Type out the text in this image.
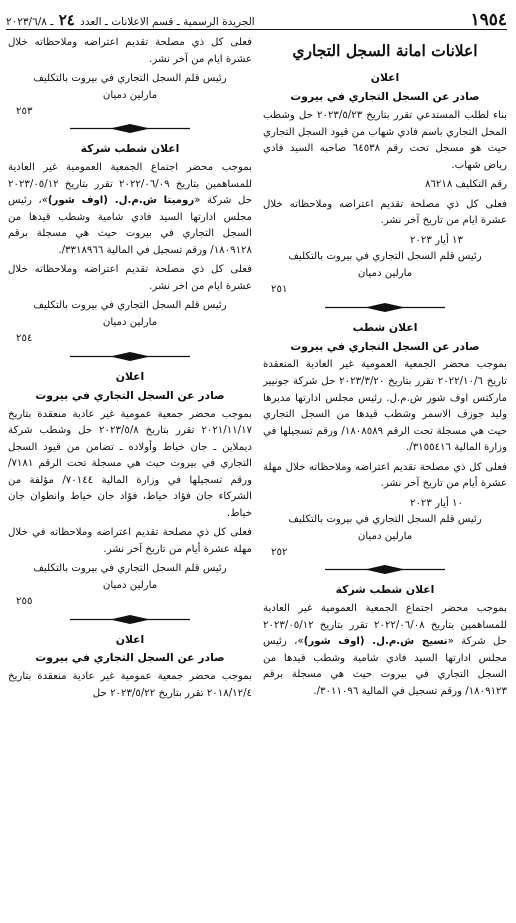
١٩٥٤
الجريدة الرسمية ـ قسم الاعلانات ـ العدد ٢٤ ـ ٢٠٢٣/٦/٨
اعلانات امانة السجل التجاري
اعلان
صادر عن السجل التجاري في بيروت
بناء لطلب المستدعي تقرر بتاريخ ٢٠٢٣/٥/٢٣ حل وشطب المحل التجاري باسم فادي شهاب من قيود السجل التجاري حيث هو مسجل تحت رقم ٦٤٥٣٨ صاحبه السيد فادي رياض شهاب.
رقم التكليف ٨٦٢١٨
فعلى كل ذي مصلحة تقديم اعتراضه وملاحظاته خلال عشرة ايام من تاريخ آخر نشر.
١٣ أيار ٢٠٢٣
رئيس قلم السجل التجاري في بيروت بالتكليف
مارلين دميان
٢٥١
اعلان شطب
صادر عن السجل التجاري في بيروت
بموجب محضر الجمعية العمومية غير العادية المنعقدة تاريخ ٢٠٢٢/١٠/٦ تقرر بتاريخ ٢٠٢٣/٣/٢٠ حل شركة جونيير ماركتس اوف شور ش.م.ل. رئيس مجلس ادارتها مديرها وليد جوزف الاسمر وشطب قيدها من السجل التجاري حيث هي مسجلة تحت الرقم ١٨٠٨٥٨٩/ ورقم تسجيلها في وزارة المالية ٣١٥٥٤١٦/.
فعلى كل ذي مصلحة تقديم اعتراضه وملاحظاته خلال مهلة عشرة أيام من تاريخ آخر نشر.
١٠ أيار ٢٠٢٣
رئيس قلم السجل التجاري في بيروت بالتكليف
مارلين دميان
٢٥٢
اعلان شطب شركة
بموجب محضر اجتماع الجمعية العمومية غير العادية للمساهمين بتاريخ ٢٠٢٢/٠٦/٠٨ تقرر بتاريخ ٢٠٢٣/٠٥/١٢ حل شركة «نسيج ش.م.ل. (اوف شور)»، رئيس مجلس ادارتها السيد فادي شامية وشطب قيدها من السجل التجاري في بيروت حيث هي مسجلة برقم ١٨٠٩١٢٣/ ورقم تسجيل في المالية ٣٠١١٠٩٦/.
فعلى كل ذي مصلحة تقديم اعتراضه وملاحظاته خلال عشرة ايام من آخر نشر.
رئيس قلم السجل التجاري في بيروت بالتكليف
مارلين دميان
٢٥٣
اعلان شطب شركة
بموجب محضر اجتماع الجمعية العمومية غير العادية للمساهمين بتاريخ ٢٠٢٢/٠٦/٠٩ تقرر بتاريخ ٢٠٢٣/٠٥/١٢ حل شركة «روميتا ش.م.ل. (اوف شور)»، رئيس مجلس ادارتها السيد فادي شامية وشطب قيدها من السجل التجاري في بيروت حيث هي مسجلة برقم ١٨٠٩١٢٨/ ورقم تسجيل في المالية ٣٣١٨٩٦٦/.
فعلى كل ذي مصلحة تقديم اعتراضه وملاحظاته خلال عشرة ايام من اخر نشر.
رئيس قلم السجل التجاري في بيروت بالتكليف
مارلين دميان
٢٥٤
اعلان
صادر عن السجل التجاري في بيروت
بموجب محضر جمعية عمومية غير عادية منعقدة بتاريخ ٢٠٢١/١١/١٧ تقرر بتاريخ ٢٠٢٣/٥/٨ حل وشطب شركة ديملاين ـ جان خياط وأولاده ـ تضامن من قيود السجل التجاري في بيروت حيث هي مسجلة تحت الرقم ٧١٨١/ ورقم تسجيلها في وزارة المالية ٧٠١٤٤/ مؤلفة من الشركاء جان فؤاد خياط، فؤاد جان خياط وانطوان جان خياط.
فعلى كل ذي مصلحة تقديم اعتراضه وملاحظاته في خلال مهلة عشرة أيام من تاريخ آخر نشر.
رئيس قلم السجل التجاري في بيروت بالتكليف
مارلين دميان
٢٥٥
اعلان
صادر عن السجل التجاري في بيروت
بموجب محضر جمعية عمومية غير عادية منعقدة بتاريخ ٢٠١٨/١٢/٤ تقرر بتاريخ ٢٠٢٣/٥/٢٢ حل
